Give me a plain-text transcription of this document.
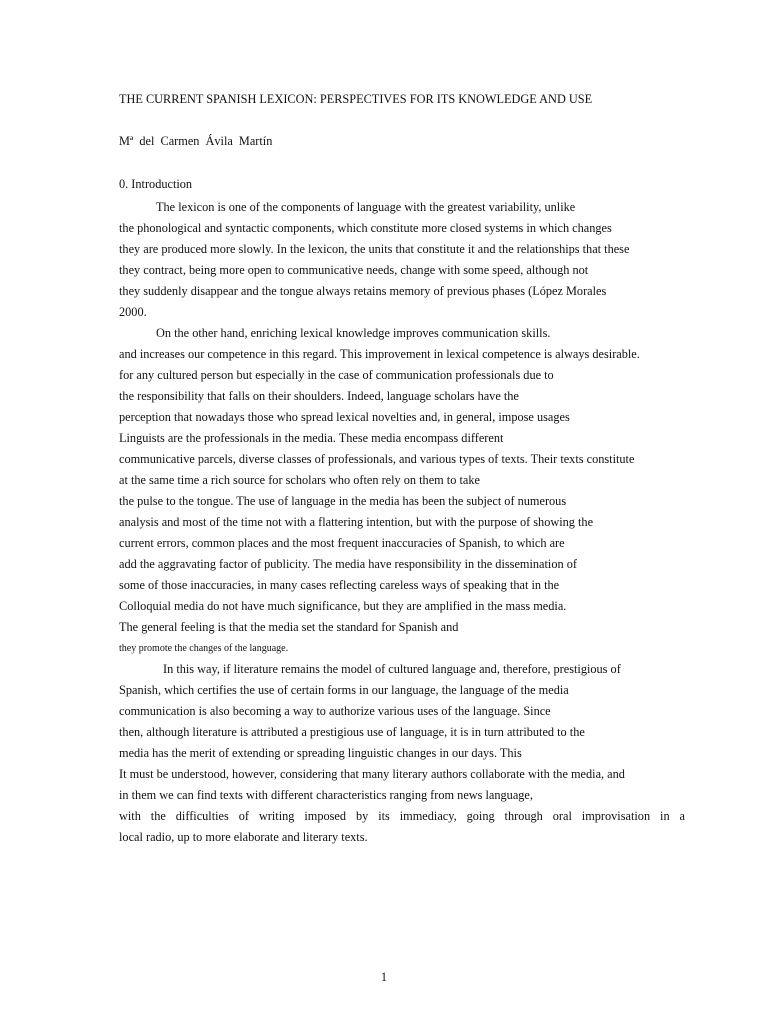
THE CURRENT SPANISH LEXICON: PERSPECTIVES FOR ITS KNOWLEDGE AND USE
Mª del Carmen Ávila Martín
0. Introduction
The lexicon is one of the components of language with the greatest variability, unlike
the phonological and syntactic components, which constitute more closed systems in which changes
they are produced more slowly. In the lexicon, the units that constitute it and the relationships that these
they contract, being more open to communicative needs, change with some speed, although not
they suddenly disappear and the tongue always retains memory of previous phases (López Morales
2000.
On the other hand, enriching lexical knowledge improves communication skills.
and increases our competence in this regard. This improvement in lexical competence is always desirable.
for any cultured person but especially in the case of communication professionals due to
the responsibility that falls on their shoulders. Indeed, language scholars have the
perception that nowadays those who spread lexical novelties and, in general, impose usages
Linguists are the professionals in the media. These media encompass different
communicative parcels, diverse classes of professionals, and various types of texts. Their texts constitute
at the same time a rich source for scholars who often rely on them to take
the pulse to the tongue. The use of language in the media has been the subject of numerous
analysis and most of the time not with a flattering intention, but with the purpose of showing the
current errors, common places and the most frequent inaccuracies of Spanish, to which are
add the aggravating factor of publicity. The media have responsibility in the dissemination of
some of those inaccuracies, in many cases reflecting careless ways of speaking that in the
Colloquial media do not have much significance, but they are amplified in the mass media.
The general feeling is that the media set the standard for Spanish and
they promote the changes of the language.
In this way, if literature remains the model of cultured language and, therefore, prestigious of
Spanish, which certifies the use of certain forms in our language, the language of the media
communication is also becoming a way to authorize various uses of the language. Since
then, although literature is attributed a prestigious use of language, it is in turn attributed to the
media has the merit of extending or spreading linguistic changes in our days. This
It must be understood, however, considering that many literary authors collaborate with the media, and
in them we can find texts with different characteristics ranging from news language,
with the difficulties of writing imposed by its immediacy, going through oral improvisation in a
local radio, up to more elaborate and literary texts.
1
